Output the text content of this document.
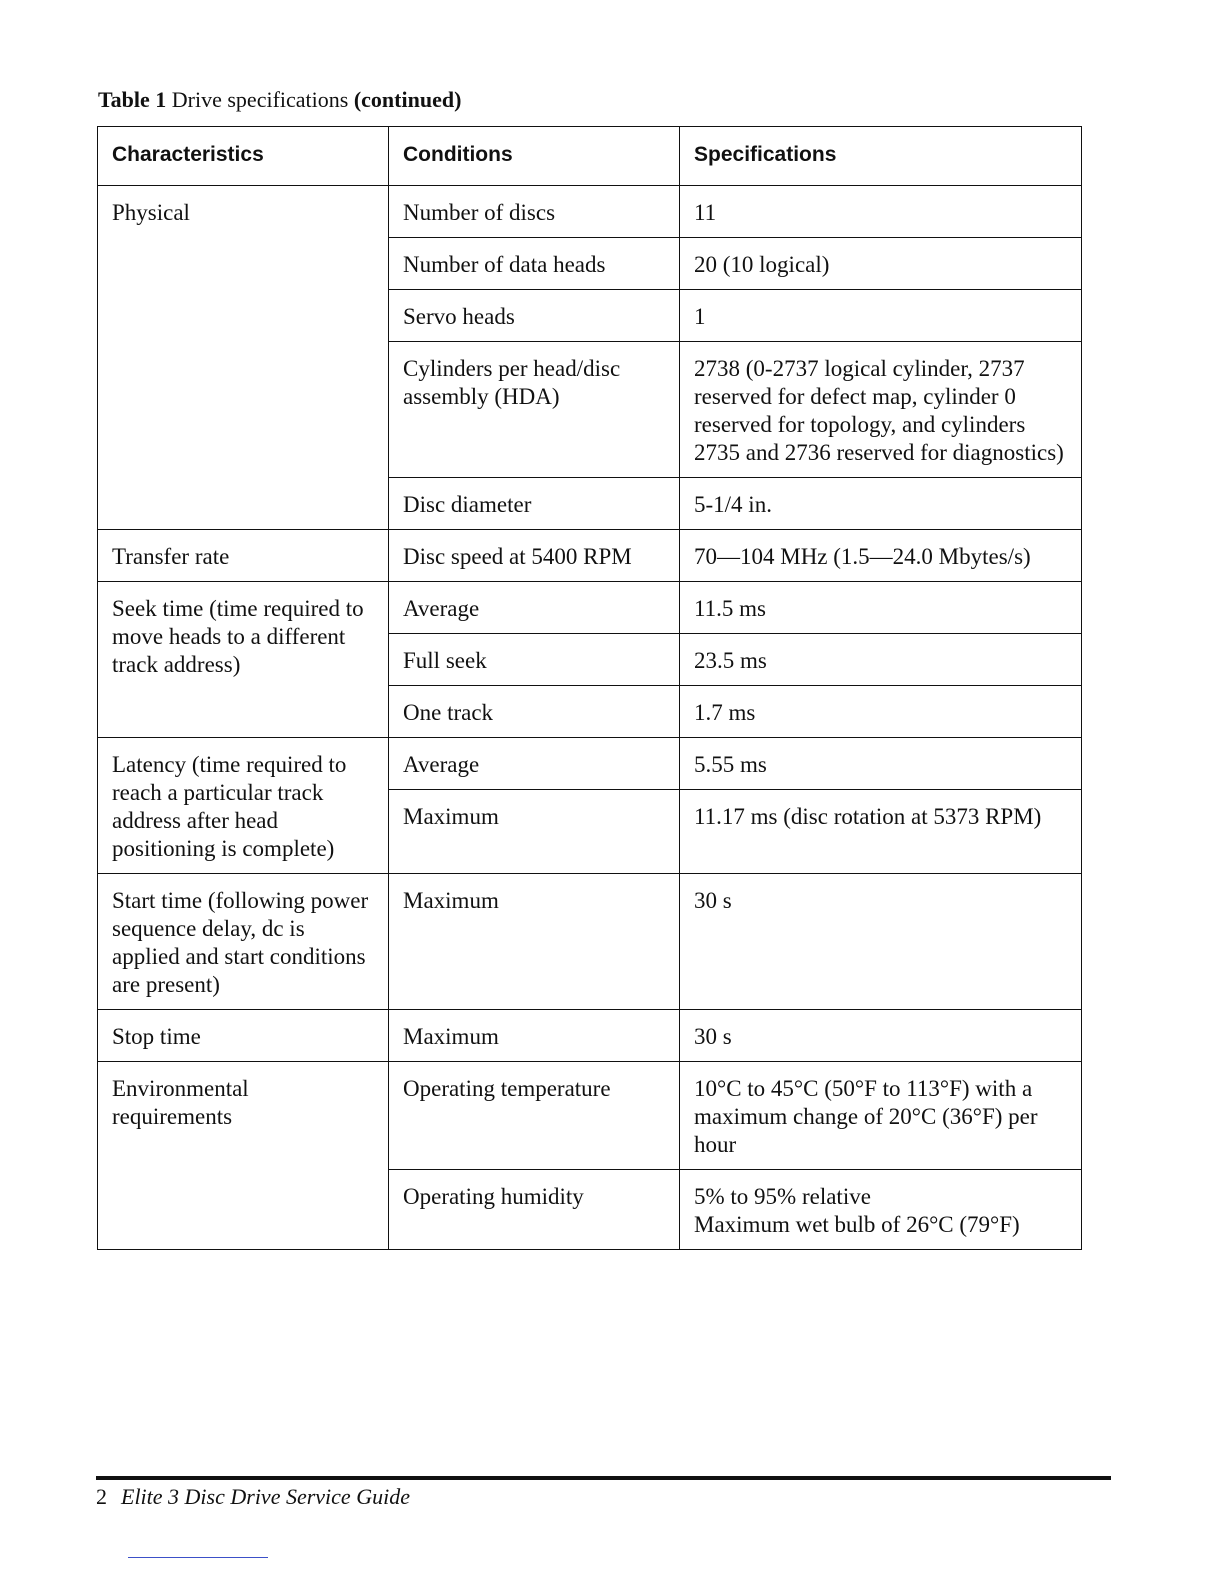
Table 1 Drive specifications (continued)
Characteristics	Conditions	Specifications
Physical	Number of discs	11

	Number of data heads	20 (10 logical)

	Servo heads	1

	Cylinders per head/disc assembly (HDA)	2738 (0-2737 logical cylinder, 2737 reserved for defect map, cylinder 0 reserved for topology, and cylinders 2735 and 2736 reserved for diagnostics)

	Disc diameter	5-1/4 in.

Transfer rate	Disc speed at 5400 RPM	70—104 MHz (1.5—24.0 Mbytes/s)

Seek time (time required to move heads to a different track address)	Average	11.5 ms

	Full seek	23.5 ms

	One track	1.7 ms

Latency (time required to reach a particular track address after head positioning is complete)	Average	5.55 ms

	Maximum	11.17 ms (disc rotation at 5373 RPM)

Start time (following power sequence delay, dc is applied and start conditions are present)	Maximum	30 s

Stop time	Maximum	30 s

Environmental requirements	Operating temperature	10°C to 45°C (50°F to 113°F) with a maximum change of 20°C (36°F) per hour

	Operating humidity	5% to 95% relative
Maximum wet bulb of 26°C (79°F)
2 Elite 3 Disc Drive Service Guide
